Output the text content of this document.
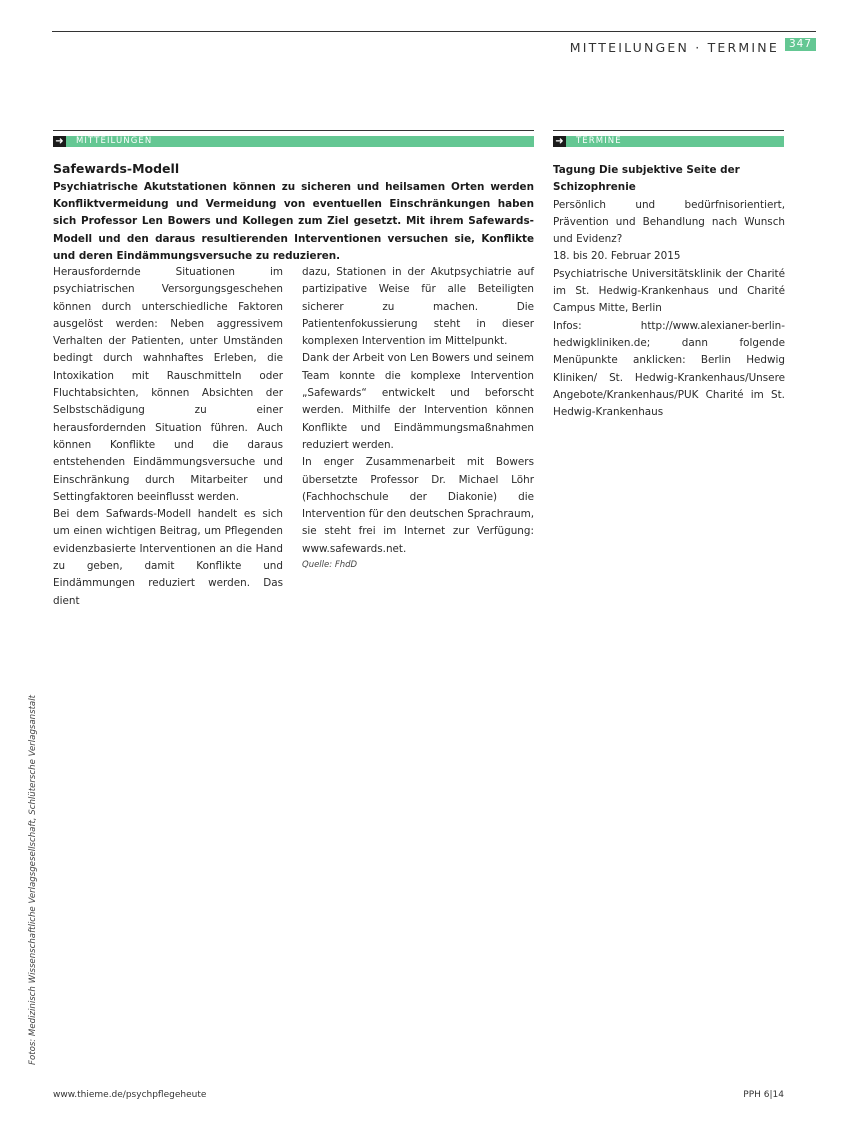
MITTEILUNGEN · TERMINE 347
➜ MITTEILUNGEN	➜ TERMINE
Safewards-Modell
Psychiatrische Akutstationen können zu sicheren und heilsamen Orten werden Konfliktvermeidung und Vermeidung von eventuellen Einschränkungen haben sich Professor Len Bowers und Kollegen zum Ziel gesetzt. Mit ihrem Safewards-Modell und den daraus resultierenden Interventionen versuchen sie, Konflikte und deren Eindämmungsversuche zu reduzieren.

Herausfordernde Situationen im psychiatrischen Versorgungsgeschehen können durch unterschiedliche Faktoren ausgelöst werden: Neben aggressivem Verhalten der Patienten, unter Umständen bedingt durch wahnhaftes Erleben, die Intoxikation mit Rauschmitteln oder Fluchtabsichten, können Absichten der Selbstschädigung zu einer herausfordernden Situation führen. Auch können Konflikte und die daraus entstehenden Eindämmungsversuche und Einschränkung durch Mitarbeiter und Settingfaktoren beeinflusst werden.

Bei dem Safwards-Modell handelt es sich um einen wichtigen Beitrag, um Pflegenden evidenzbasierte Interventionen an die Hand zu geben, damit Konflikte und Eindämmungen reduziert werden. Das dient

dazu, Stationen in der Akutpsychiatrie auf partizipative Weise für alle Beteiligten sicherer zu machen. Die Patientenfokussierung steht in dieser komplexen Intervention im Mittelpunkt.

Dank der Arbeit von Len Bowers und seinem Team konnte die komplexe Intervention „Safewards“ entwickelt und beforscht werden. Mithilfe der Intervention können Konflikte und Eindämmungsmaßnahmen reduziert werden.

In enger Zusammenarbeit mit Bowers übersetzte Professor Dr. Michael Löhr (Fachhochschule der Diakonie) die Intervention für den deutschen Sprachraum, sie steht frei im Internet zur Verfügung: www.safewards.net.

Quelle: FhdD

Tagung Die subjektive Seite der Schizophrenie

Persönlich und bedürfnisorientiert, Prävention und Behandlung nach Wunsch und Evidenz?

18. bis 20. Februar 2015

Psychiatrische Universitätsklinik der Charité im St. Hedwig-Krankenhaus und Charité Campus Mitte, Berlin

Infos: http://www.alexianer-berlin-hedwigkliniken.de; dann folgende Menüpunkte anklicken: Berlin Hedwig Kliniken/ St. Hedwig-Krankenhaus/Unsere Angebote/Krankenhaus/PUK Charité im St. Hedwig-Krankenhaus

Fotos: Medizinisch Wissenschaftliche Verlagsgesellschaft, Schlütersche Verlagsanstalt
www.thieme.de/psychpflegeheute	PPH 6|14
